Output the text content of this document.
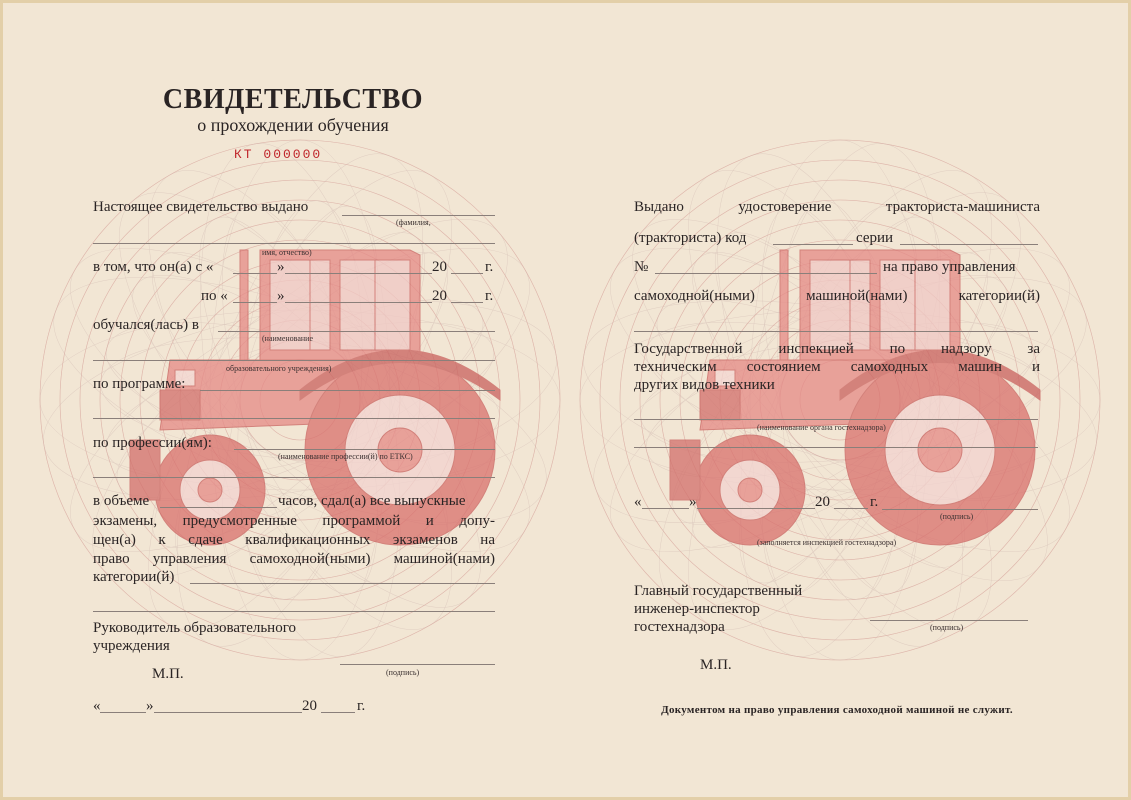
СВИДЕТЕЛЬСТВО
о прохождении обучения
КТ 000000
Настоящее свидетельство выдано
(фамилия,
имя, отчество)
в том, что он(а) с «	»	20	г.
по «	»	20	г.
обучался(лась) в
(наименование
образовательного учреждения)
по программе:
по профессии(ям):
(наименование профессии(й) по ЕТКС)
в объеме	часов, сдал(а) все выпускные
экзамены, предусмотренные программой и допу-
щен(а) к сдаче квалификационных экзаменов на
право управления самоходной(ными) машиной(нами)
категории(й)
Руководитель образовательного
учреждения
М.П.	(подпись)
«	»	20	г.
Выдано удостоверение тракториста-машиниста
(тракториста) код	серии
№	на право управления
самоходной(ными) машиной(нами) категории(й)
Государственной инспекцией по надзору за
техническим состоянием самоходных машин и
других видов техники
(наименование органа гостехнадзора)
«	»	20	г.
(подпись)
(заполняется инспекцией гостехнадзора)
Главный государственный
инженер-инспектор
гостехнадзора	(подпись)
М.П.
Документом на право управления самоходной машиной не служит.
